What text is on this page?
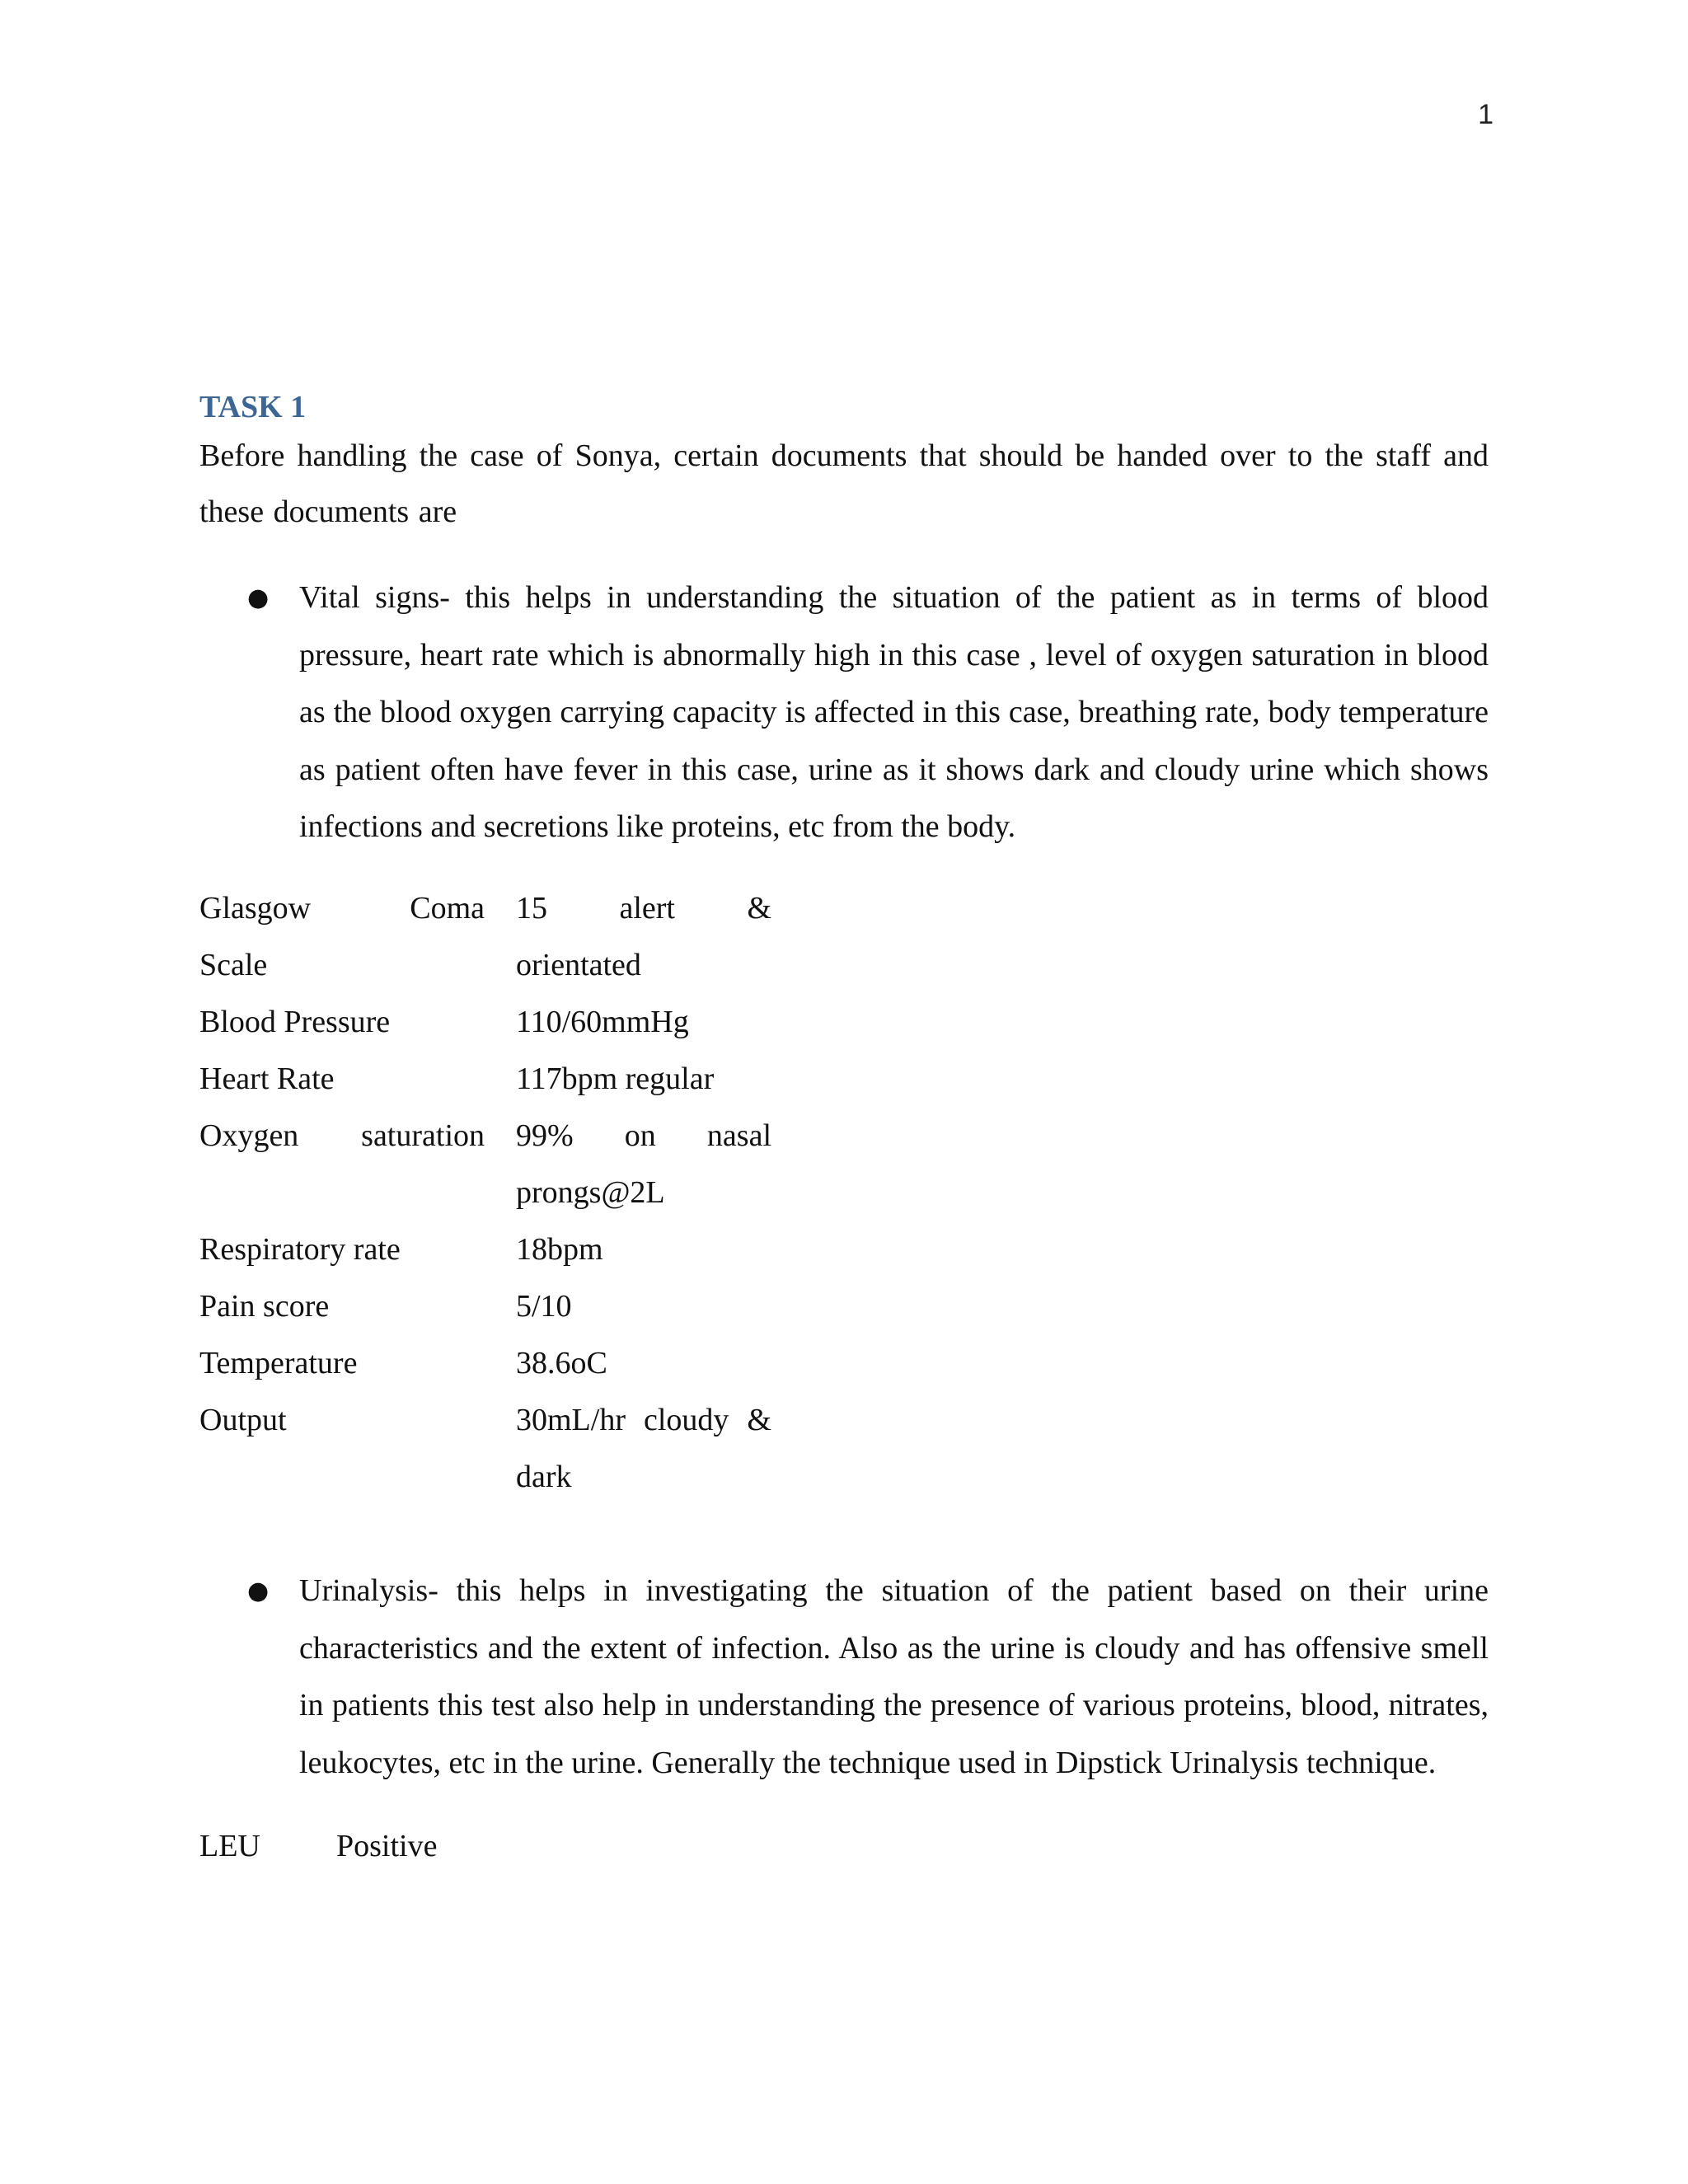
1
TASK 1

Before handling the case of Sonya, certain documents that should be handed over to the staff and

these documents are

● Vital signs- this helps in understanding the situation of the patient as in terms of blood pressure, heart rate which is abnormally high in this case , level of oxygen saturation in blood as the blood oxygen carrying capacity is affected in this case, breathing rate, body temperature as patient often have fever in this case, urine as it shows dark and cloudy urine which shows infections and secretions like proteins, etc from the body.
Glasgow Coma		15 alert &

Scale		orientated

Blood Pressure		110/60mmHg

Heart Rate		117bpm regular

Oxygen saturation		99% on nasal

		prongs@2L

Respiratory rate		18bpm

Pain score		5/10

Temperature		38.6oC

Output		30mL/hr cloudy &

		dark
● Urinalysis- this helps in investigating the situation of the patient based on their urine characteristics and the extent of infection. Also as the urine is cloudy and has offensive smell in patients this test also help in understanding the presence of various proteins, blood, nitrates, leukocytes, etc in the urine. Generally the technique used in Dipstick Urinalysis technique.
LEU Positive
